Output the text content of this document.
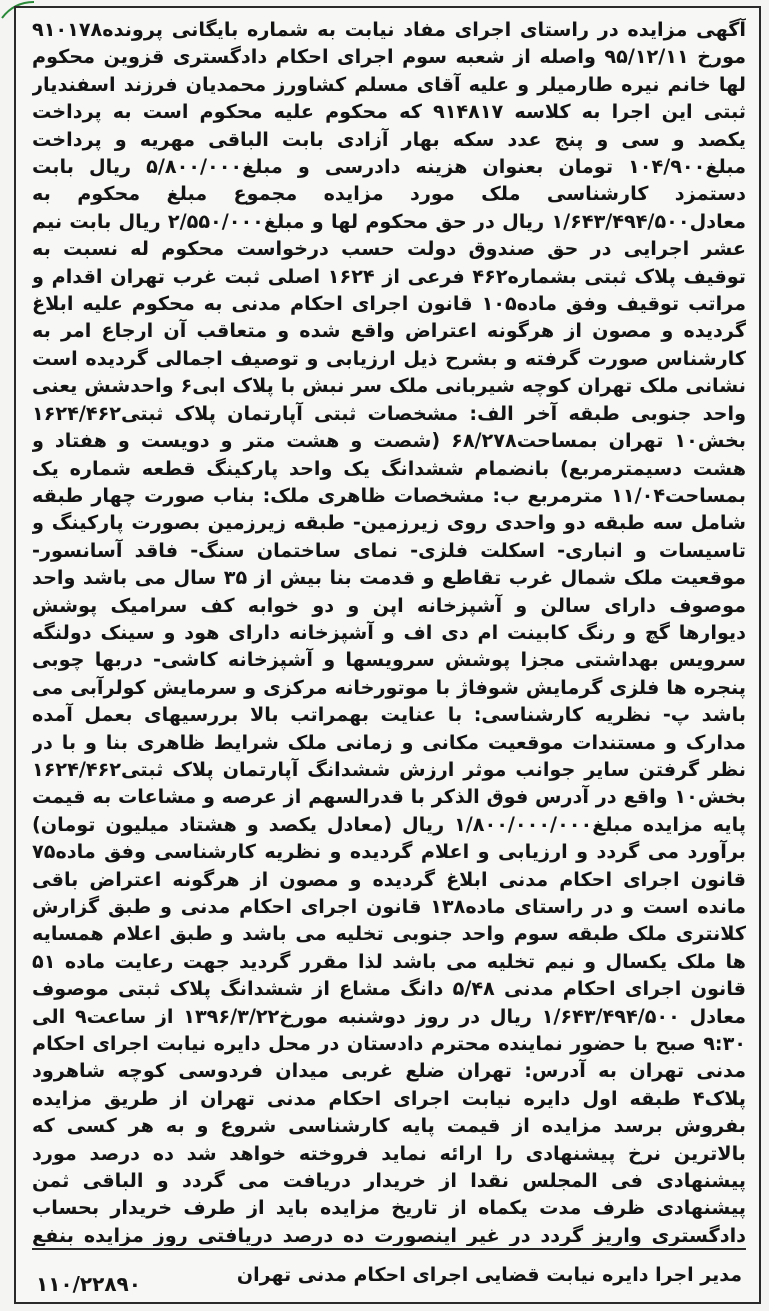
آگهی مزایده در راستای اجرای مفاد نیابت به شماره بایگانی پرونده۹۱۰۱۷۸ مورخ ۹۵/۱۲/۱۱ واصله از شعبه سوم اجرای احکام دادگستری قزوین محکوم لها خانم نیره طارمیلر و علیه آقای مسلم کشاورز محمدیان فرزند اسفندیار ثبتی این اجرا به کلاسه ۹۱۴۸۱۷ که محکوم علیه محکوم است به پرداخت یکصد و سی و پنج عدد سکه بهار آزادی بابت الباقی مهریه و پرداخت مبلغ۱۰۴/۹۰۰ تومان بعنوان هزینه دادرسی و مبلغ۵/۸۰۰/۰۰۰ ریال بابت دستمزد کارشناسی ملک مورد مزایده مجموع مبلغ محکوم به معادل۱/۶۴۳/۴۹۴/۵۰۰ ریال در حق محکوم لها و مبلغ۲/۵۵۰/۰۰۰ ریال بابت نیم عشر اجرایی در حق صندوق دولت حسب درخواست محکوم له نسبت به توقیف پلاک ثبتی بشماره۴۶۲ فرعی از ۱۶۲۴ اصلی ثبت غرب تهران اقدام و مراتب توقیف وفق ماده۱۰۵ قانون اجرای احکام مدنی به محکوم علیه ابلاغ گردیده و مصون از هرگونه اعتراض واقع شده و متعاقب آن ارجاع امر به کارشناس صورت گرفته و بشرح ذیل ارزیابی و توصیف اجمالی گردیده است نشانی ملک تهران کوچه شیربانی ملک سر نبش با پلاک ابی۶ واحدشش یعنی واحد جنوبی طبقه آخر الف: مشخصات ثبتی آپارتمان پلاک ثبتی۱۶۲۴/۴۶۲ بخش۱۰ تهران بمساحت۶۸/۲۷۸ (شصت و هشت متر و دویست و هفتاد و هشت دسیمترمربع) بانضمام ششدانگ یک واحد پارکینگ قطعه شماره یک بمساحت۱۱/۰۴ مترمربع ب: مشخصات ظاهری ملک: بناب صورت چهار طبقه شامل سه طبقه دو واحدی روی زیرزمین- طبقه زیرزمین بصورت پارکینگ و تاسیسات و انباری- اسکلت فلزی- نمای ساختمان سنگ- فاقد آسانسور- موقعیت ملک شمال غرب تقاطع و قدمت بنا بیش از ۳۵ سال می باشد واحد موصوف دارای سالن و آشپزخانه اپن و دو خوابه کف سرامیک پوشش دیوارها گچ و رنگ کابینت ام دی اف و آشپزخانه دارای هود و سینک دولنگه سرویس بهداشتی مجزا پوشش سرویسها و آشپزخانه کاشی- دربها چوبی پنجره ها فلزی گرمایش شوفاژ با موتورخانه مرکزی و سرمایش کولرآبی می باشد پ- نظریه کارشناسی: با عنایت بهمراتب بالا بررسیهای بعمل آمده مدارک و مستندات موقعیت مکانی و زمانی ملک شرایط ظاهری بنا و با در نظر گرفتن سایر جوانب موثر ارزش ششدانگ آپارتمان پلاک ثبتی۱۶۲۴/۴۶۲ بخش۱۰ واقع در آدرس فوق الذکر با قدرالسهم از عرصه و مشاعات به قیمت پایه مزایده مبلغ۱/۸۰۰/۰۰۰/۰۰۰ ریال (معادل یکصد و هشتاد میلیون تومان) برآورد می گردد و ارزیابی و اعلام گردیده و نظریه کارشناسی وفق ماده۷۵ قانون اجرای احکام مدنی ابلاغ گردیده و مصون از هرگونه اعتراض باقی مانده است و در راستای ماده۱۳۸ قانون اجرای احکام مدنی و طبق گزارش کلانتری ملک طبقه سوم واحد جنوبی تخلیه می باشد و طبق اعلام همسایه ها ملک یکسال و نیم تخلیه می باشد لذا مقرر گردید جهت رعایت ماده ۵۱ قانون اجرای احکام مدنی ۵/۴۸ دانگ مشاع از ششدانگ پلاک ثبتی موصوف معادل ۱/۶۴۳/۴۹۴/۵۰۰ ریال در روز دوشنبه مورخ۱۳۹۶/۳/۲۲ از ساعت۹ الی ۹:۳۰ صبح با حضور نماینده محترم دادستان در محل دایره نیابت اجرای احکام مدنی تهران به آدرس: تهران ضلع غربی میدان فردوسی کوچه شاهرود پلاک۴ طبقه اول دایره نیابت اجرای احکام مدنی تهران از طریق مزایده بفروش برسد مزایده از قیمت پایه کارشناسی شروع و به هر کسی که بالاترین نرخ پیشنهادی را ارائه نماید فروخته خواهد شد ده درصد مورد پیشنهادی فی المجلس نقدا از خریدار دریافت می گردد و الباقی ثمن پیشنهادی ظرف مدت یکماه از تاریخ مزایده باید از طرف خریدار بحساب دادگستری واریز گردد در غیر اینصورت ده درصد دریافتی روز مزایده بنفع
مدیر اجرا دایره نیابت قضایی اجرای احکام مدنی تهران
۱۱۰/۲۲۸۹۰
